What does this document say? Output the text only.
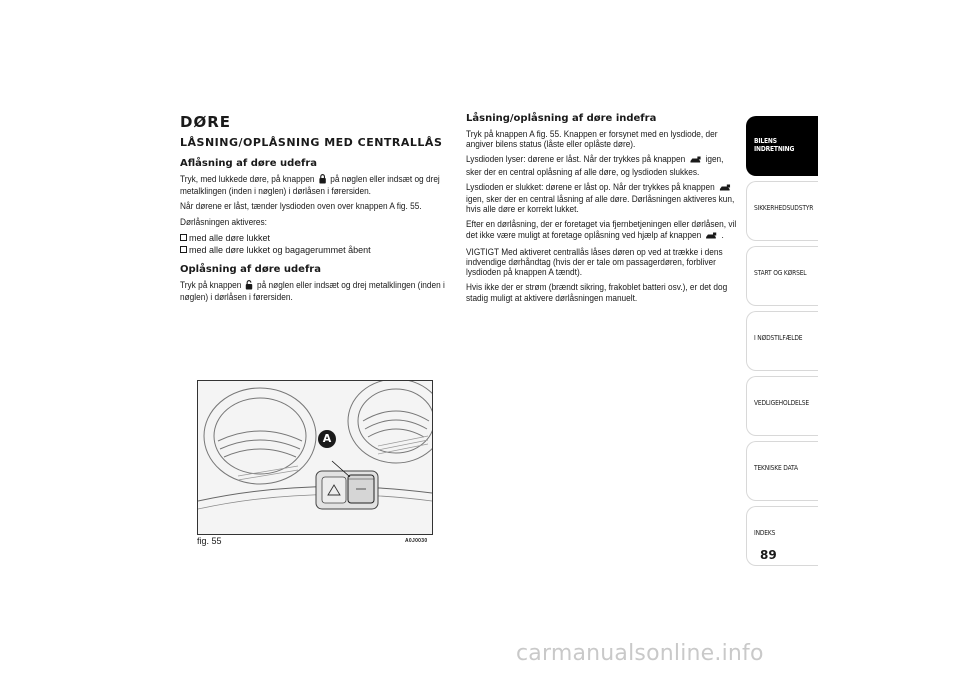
DØRE
LÅSNING/OPLÅSNING MED CENTRALLÅS
Aflåsning af døre udefra

Tryk, med lukkede døre, på knappen på nøglen eller indsæt og drej metalklingen (inden i nøglen) i dørlåsen i førersiden.

Når dørene er låst, tænder lysdioden oven over knappen A fig. 55.

Dørlåsningen aktiveres:

med alle døre lukket
med alle døre lukket og bagagerummet åbent
Oplåsning af døre udefra

Tryk på knappen på nøglen eller indsæt og drej metalklingen (inden i nøglen) i dørlåsen i førersiden.

Låsning/oplåsning af døre indefra

Tryk på knappen A fig. 55. Knappen er forsynet med en lysdiode, der angiver bilens status (låste eller oplåste døre).

Lysdioden lyser: dørene er låst. Når der trykkes på knappen igen, sker der en central oplåsning af alle døre, og lysdioden slukkes.

Lysdioden er slukket: dørene er låst op. Når der trykkes på knappen  igen, sker der en central låsning af alle døre. Dørlåsningen aktiveres kun, hvis alle døre er korrekt lukket.

Efter en dørlåsning, der er foretaget via fjernbetjeningen eller dørlåsen, vil det ikke være muligt at foretage oplåsning ved hjælp af knappen .

VIGTIGT Med aktiveret centrallås låses døren op ved at trække i dens indvendige dørhåndtag (hvis der er tale om passagerdøren, forbliver lysdioden på knappen A tændt).

Hvis ikke der er strøm (brændt sikring, frakoblet batteri osv.), er det dog stadig muligt at aktivere dørlåsningen manuelt.

A
fig. 55	A0J0030
BILENS
INDRETNING
SIKKERHEDSUDSTYR
START OG KØRSEL
I NØDSTILFÆLDE
VEDLIGEHOLDELSE
TEKNISKE DATA
INDEKS
89
carmanualsonline.info
